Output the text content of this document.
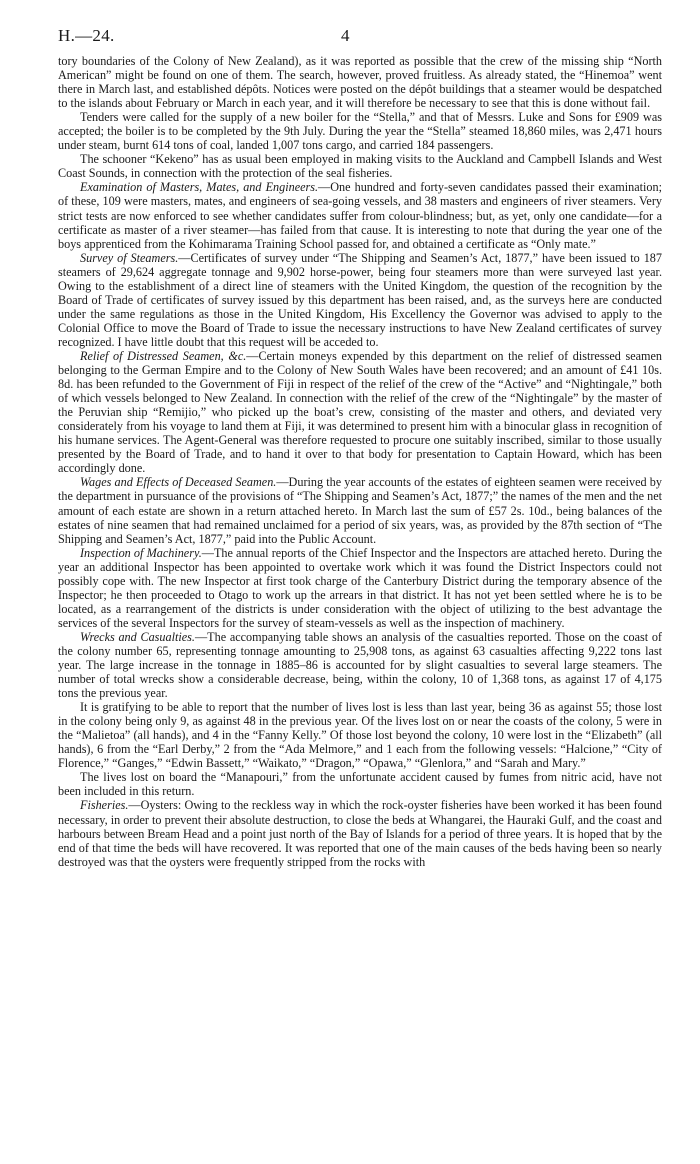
H.—24.	4

tory boundaries of the Colony of New Zealand), as it was reported as possible that the crew of the missing ship “North American” might be found on one of them. The search, however, proved fruitless. As already stated, the “Hinemoa” went there in March last, and established dépôts. Notices were posted on the dépôt buildings that a steamer would be despatched to the islands about February or March in each year, and it will therefore be necessary to see that this is done without fail.

Tenders were called for the supply of a new boiler for the “Stella,” and that of Messrs. Luke and Sons for £909 was accepted; the boiler is to be completed by the 9th July. During the year the “Stella” steamed 18,860 miles, was 2,471 hours under steam, burnt 614 tons of coal, landed 1,007 tons cargo, and carried 184 passengers.

The schooner “Kekeno” has as usual been employed in making visits to the Auckland and Campbell Islands and West Coast Sounds, in connection with the protection of the seal fisheries.

Examination of Masters, Mates, and Engineers.—One hundred and forty-seven candidates passed their examination; of these, 109 were masters, mates, and engineers of sea-going vessels, and 38 masters and engineers of river steamers. Very strict tests are now enforced to see whether candidates suffer from colour-blindness; but, as yet, only one candidate—for a certificate as master of a river steamer—has failed from that cause. It is interesting to note that during the year one of the boys apprenticed from the Kohimarama Training School passed for, and obtained a certificate as “Only mate.”

Survey of Steamers.—Certificates of survey under “The Shipping and Seamen’s Act, 1877,” have been issued to 187 steamers of 29,624 aggregate tonnage and 9,902 horse-power, being four steamers more than were surveyed last year. Owing to the establishment of a direct line of steamers with the United Kingdom, the question of the recognition by the Board of Trade of certificates of survey issued by this department has been raised, and, as the surveys here are conducted under the same regulations as those in the United Kingdom, His Excellency the Governor was advised to apply to the Colonial Office to move the Board of Trade to issue the necessary instructions to have New Zealand certificates of survey recognized. I have little doubt that this request will be acceded to.

Relief of Distressed Seamen, &c.—Certain moneys expended by this department on the relief of distressed seamen belonging to the German Empire and to the Colony of New South Wales have been recovered; and an amount of £41 10s. 8d. has been refunded to the Government of Fiji in respect of the relief of the crew of the “Active” and “Nightingale,” both of which vessels belonged to New Zealand. In connection with the relief of the crew of the “Nightingale” by the master of the Peruvian ship “Remijio,” who picked up the boat’s crew, consisting of the master and others, and deviated very considerately from his voyage to land them at Fiji, it was determined to present him with a binocular glass in recognition of his humane services. The Agent-General was therefore requested to procure one suitably inscribed, similar to those usually presented by the Board of Trade, and to hand it over to that body for presentation to Captain Howard, which has been accordingly done.

Wages and Effects of Deceased Seamen.—During the year accounts of the estates of eighteen seamen were received by the department in pursuance of the provisions of “The Shipping and Seamen’s Act, 1877;” the names of the men and the net amount of each estate are shown in a return attached hereto. In March last the sum of £57 2s. 10d., being balances of the estates of nine seamen that had remained unclaimed for a period of six years, was, as provided by the 87th section of “The Shipping and Seamen’s Act, 1877,” paid into the Public Account.

Inspection of Machinery.—The annual reports of the Chief Inspector and the Inspectors are attached hereto. During the year an additional Inspector has been appointed to overtake work which it was found the District Inspectors could not possibly cope with. The new Inspector at first took charge of the Canterbury District during the temporary absence of the Inspector; he then proceeded to Otago to work up the arrears in that district. It has not yet been settled where he is to be located, as a rearrangement of the districts is under consideration with the object of utilizing to the best advantage the services of the several Inspectors for the survey of steam-vessels as well as the inspection of machinery.

Wrecks and Casualties.—The accompanying table shows an analysis of the casualties reported. Those on the coast of the colony number 65, representing tonnage amounting to 25,908 tons, as against 63 casualties affecting 9,222 tons last year. The large increase in the tonnage in 1885–86 is accounted for by slight casualties to several large steamers. The number of total wrecks show a considerable decrease, being, within the colony, 10 of 1,368 tons, as against 17 of 4,175 tons the previous year.

It is gratifying to be able to report that the number of lives lost is less than last year, being 36 as against 55; those lost in the colony being only 9, as against 48 in the previous year. Of the lives lost on or near the coasts of the colony, 5 were in the “Malietoa” (all hands), and 4 in the “Fanny Kelly.” Of those lost beyond the colony, 10 were lost in the “Elizabeth” (all hands), 6 from the “Earl Derby,” 2 from the “Ada Melmore,” and 1 each from the following vessels: “Halcione,” “City of Florence,” “Ganges,” “Edwin Bassett,” “Waikato,” “Dragon,” “Opawa,” “Glenlora,” and “Sarah and Mary.”

The lives lost on board the “Manapouri,” from the unfortunate accident caused by fumes from nitric acid, have not been included in this return.

Fisheries.—Oysters: Owing to the reckless way in which the rock-oyster fisheries have been worked it has been found necessary, in order to prevent their absolute destruction, to close the beds at Whangarei, the Hauraki Gulf, and the coast and harbours between Bream Head and a point just north of the Bay of Islands for a period of three years. It is hoped that by the end of that time the beds will have recovered. It was reported that one of the main causes of the beds having been so nearly destroyed was that the oysters were frequently stripped from the rocks with
